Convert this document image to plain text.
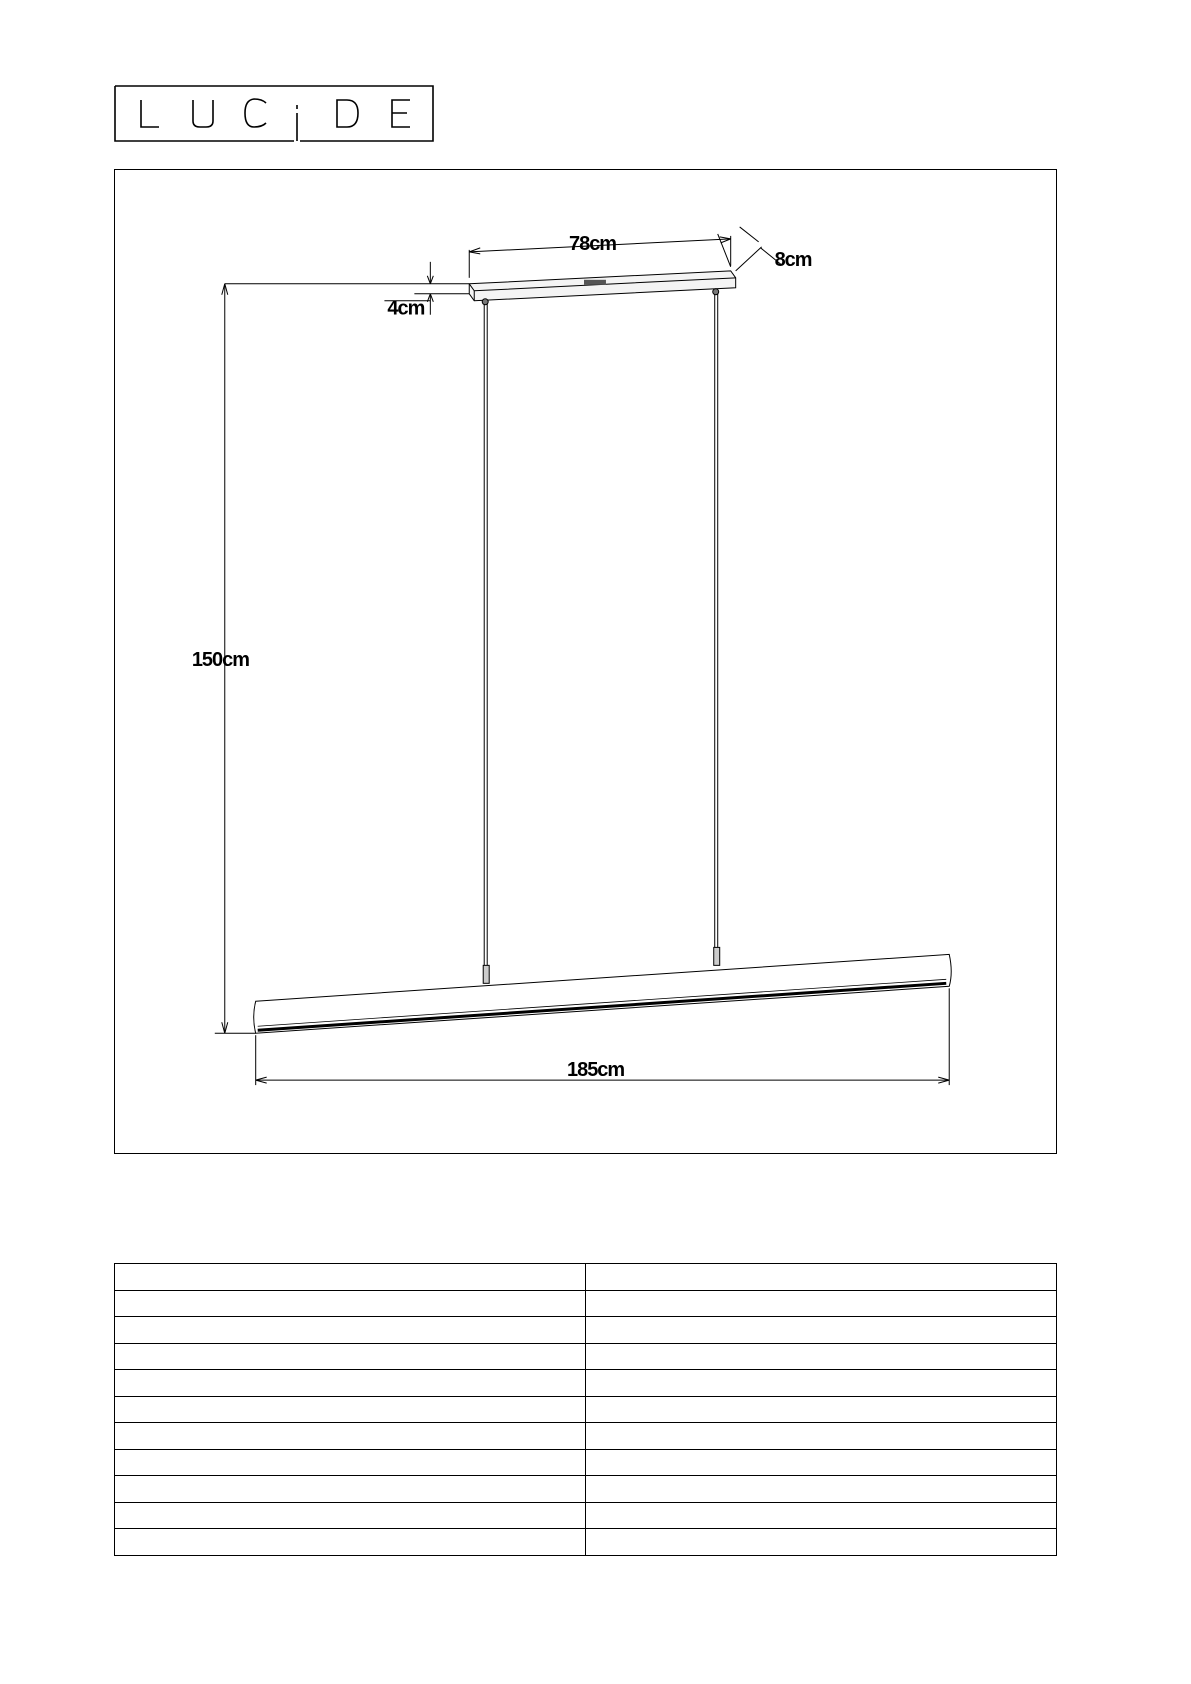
78cm
8cm
4cm
150cm
185cm
